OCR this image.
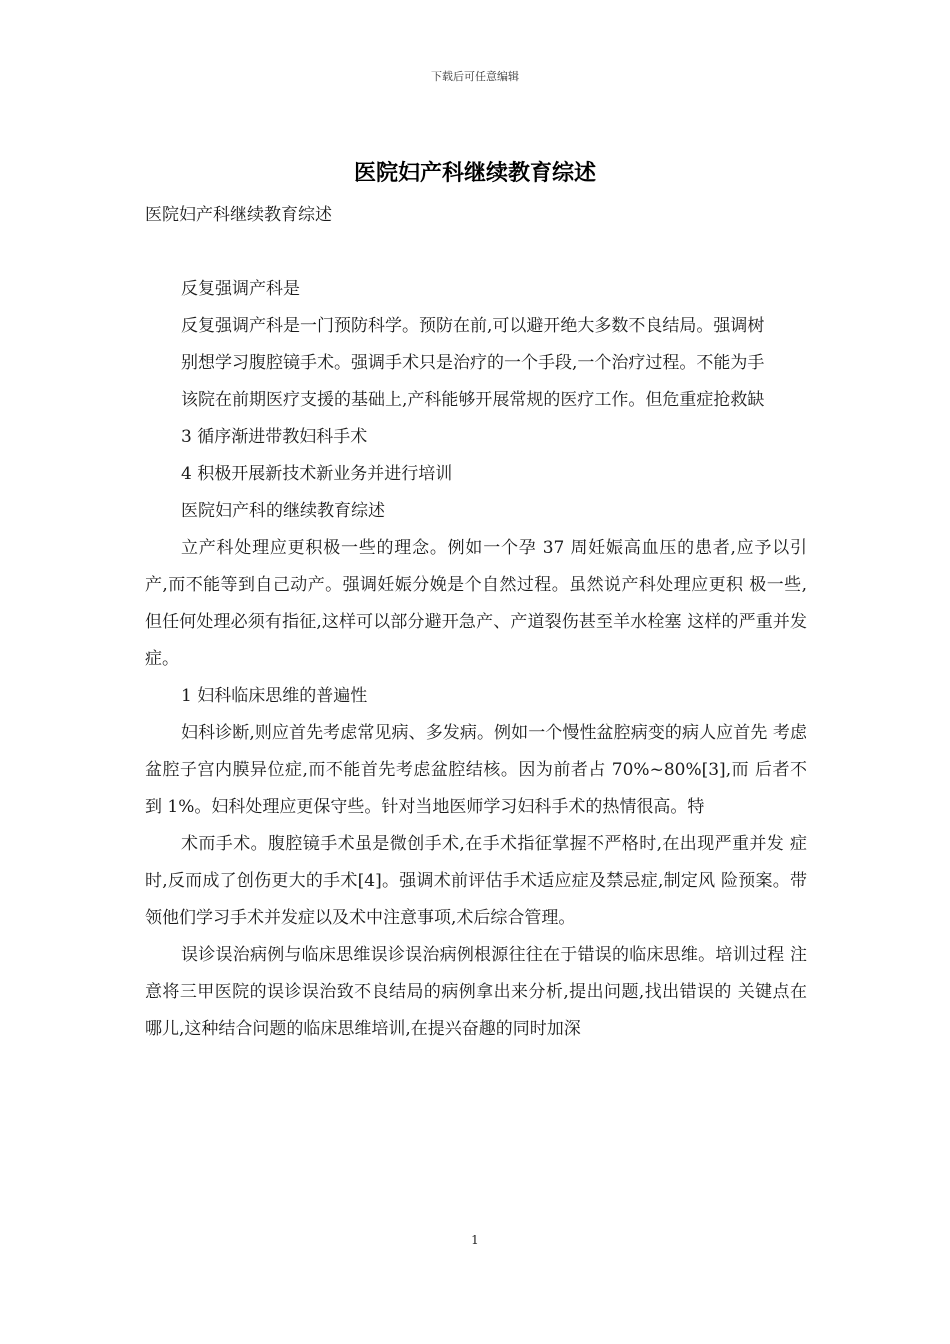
下载后可任意编辑
医院妇产科继续教育综述

医院妇产科继续教育综述

反复强调产科是

反复强调产科是一门预防科学。预防在前,可以避开绝大多数不良结局。强调树

别想学习腹腔镜手术。强调手术只是治疗的一个手段,一个治疗过程。不能为手

该院在前期医疗支援的基础上,产科能够开展常规的医疗工作。但危重症抢救缺

3 循序渐进带教妇科手术

4 积极开展新技术新业务并进行培训

医院妇产科的继续教育综述

立产科处理应更积极一些的理念。例如一个孕 37 周妊娠高血压的患者,应予以引 产,而不能等到自己动产。强调妊娠分娩是个自然过程。虽然说产科处理应更积 极一些,但任何处理必须有指征,这样可以部分避开急产、产道裂伤甚至羊水栓塞 这样的严重并发症。

1 妇科临床思维的普遍性

妇科诊断,则应首先考虑常见病、多发病。例如一个慢性盆腔病变的病人应首先 考虑盆腔子宫内膜异位症,而不能首先考虑盆腔结核。因为前者占 70%~80%[3],而 后者不到 1%。妇科处理应更保守些。针对当地医师学习妇科手术的热情很高。特

术而手术。腹腔镜手术虽是微创手术,在手术指征掌握不严格时,在出现严重并发 症时,反而成了创伤更大的手术[4]。强调术前评估手术适应症及禁忌症,制定风 险预案。带领他们学习手术并发症以及术中注意事项,术后综合管理。

误诊误治病例与临床思维误诊误治病例根源往往在于错误的临床思维。培训过程 注意将三甲医院的误诊误治致不良结局的病例拿出来分析,提出问题,找出错误的 关键点在哪儿,这种结合问题的临床思维培训,在提兴奋趣的同时加深

1
